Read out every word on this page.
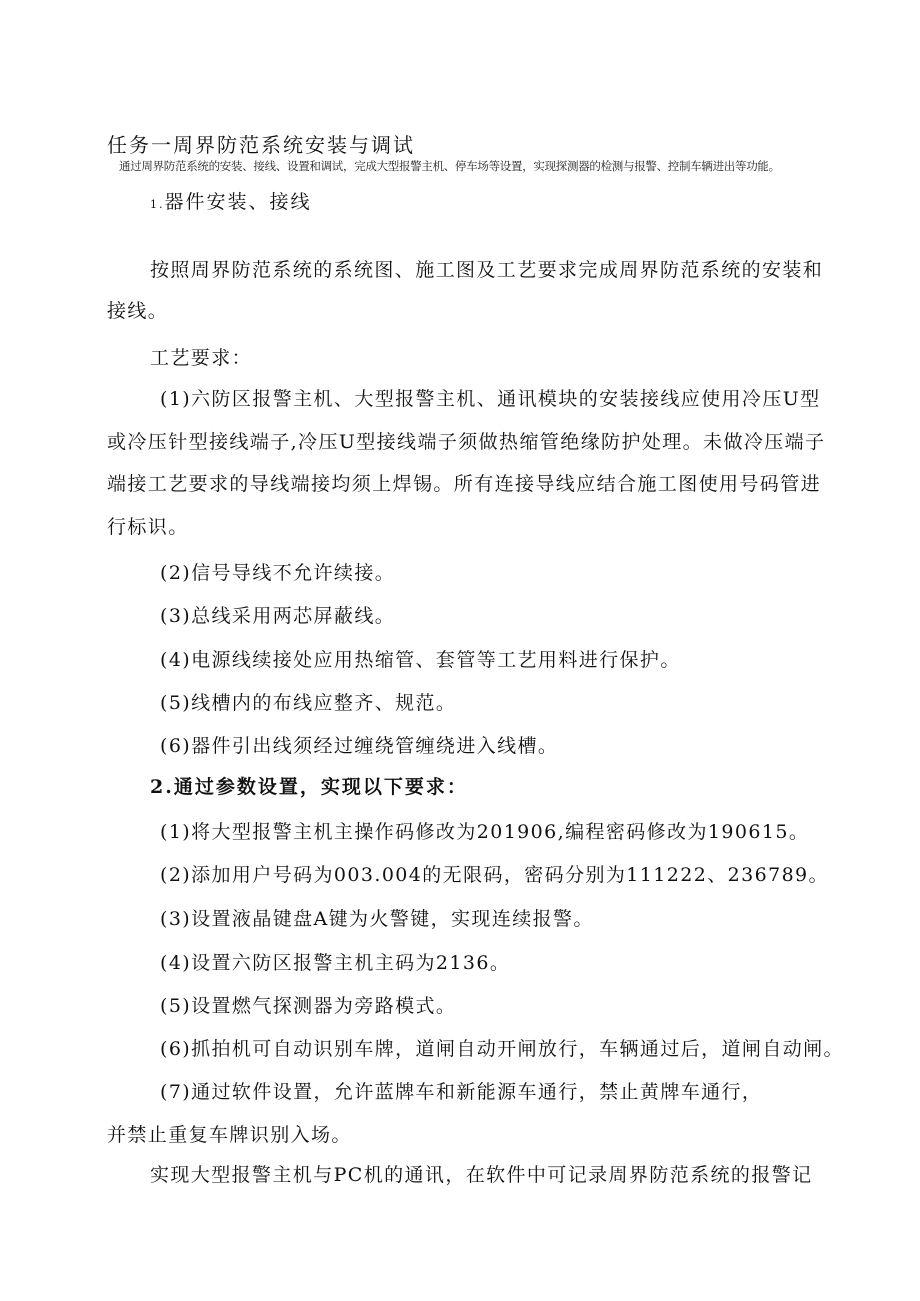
任务一周界防范系统安装与调试
通过周界防范系统的安装、接线、设置和调试，完成大型报警主机、停车场等设置，实现探测器的检测与报警、控制车辆进出等功能。
1.器件安装、接线
按照周界防范系统的系统图、施工图及工艺要求完成周界防范系统的安装和
接线。
工艺要求：
(1)六防区报警主机、大型报警主机、通讯模块的安装接线应使用冷压U型
或冷压针型接线端子,冷压U型接线端子须做热缩管绝缘防护处理。未做冷压端子
端接工艺要求的导线端接均须上焊锡。所有连接导线应结合施工图使用号码管进
行标识。
(2)信号导线不允许续接。
(3)总线采用两芯屏蔽线。
(4)电源线续接处应用热缩管、套管等工艺用料进行保护。
(5)线槽内的布线应整齐、规范。
(6)器件引出线须经过缠绕管缠绕进入线槽。
2.通过参数设置，实现以下要求：
(1)将大型报警主机主操作码修改为201906,编程密码修改为190615。
(2)添加用户号码为003.004的无限码，密码分别为111222、236789。
(3)设置液晶键盘A键为火警键，实现连续报警。
(4)设置六防区报警主机主码为2136。
(5)设置燃气探测器为旁路模式。
(6)抓拍机可自动识别车牌，道闸自动开闸放行，车辆通过后，道闸自动闸。
(7)通过软件设置，允许蓝牌车和新能源车通行，禁止黄牌车通行，
并禁止重复车牌识别入场。
实现大型报警主机与PC机的通讯，在软件中可记录周界防范系统的报警记
